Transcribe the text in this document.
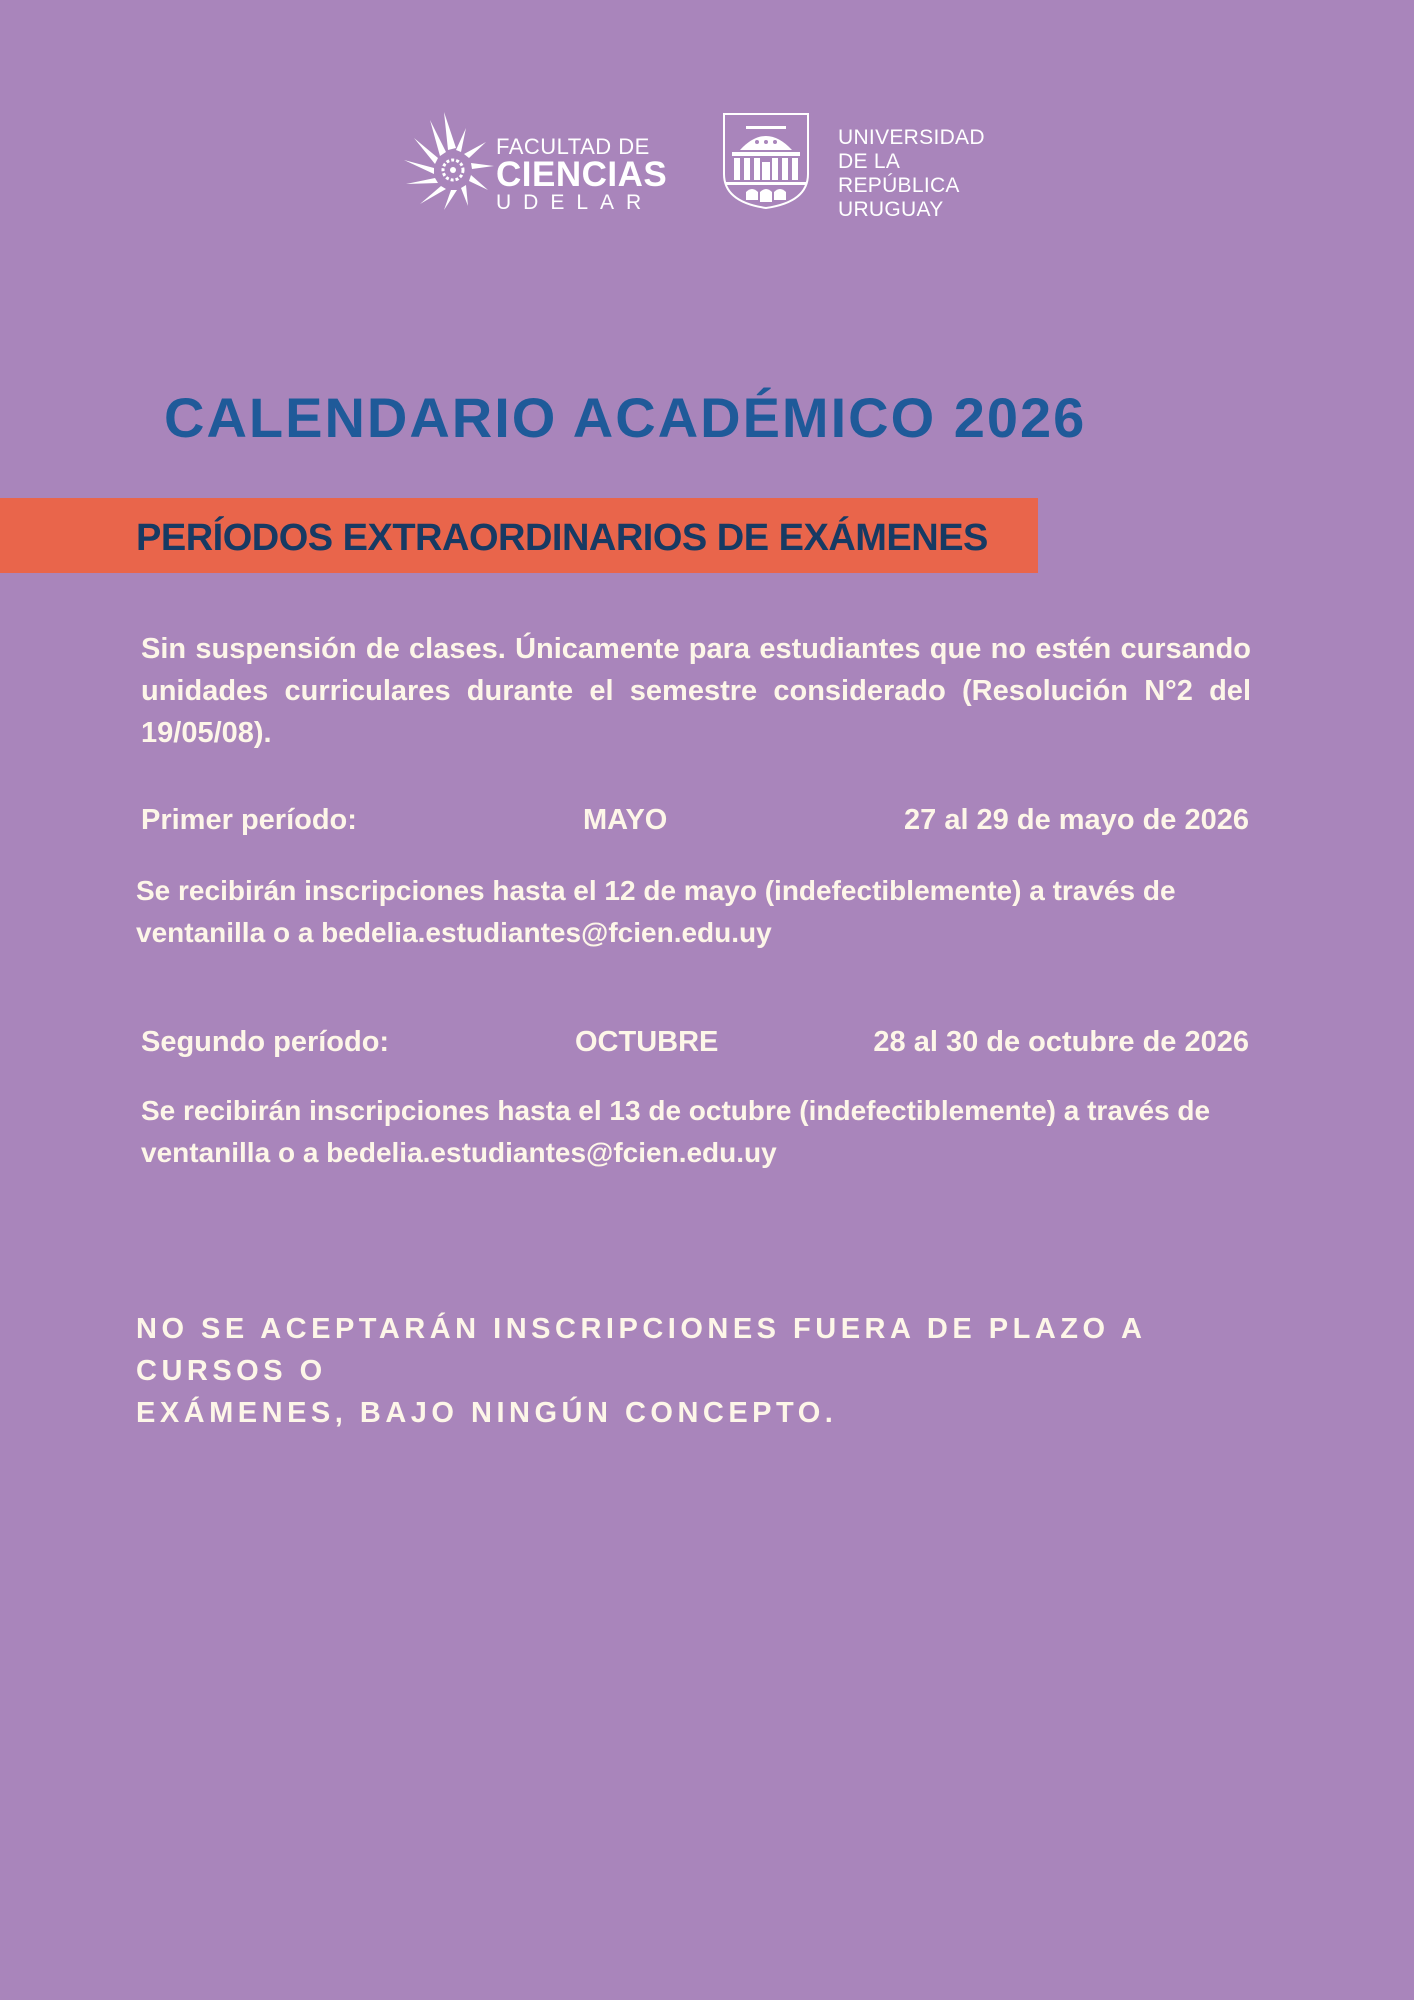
FACULTAD DE
CIENCIAS
UDELAR
UNIVERSIDAD
DE LA REPÚBLICA
URUGUAY
CALENDARIO ACADÉMICO 2026
PERÍODOS EXTRAORDINARIOS DE EXÁMENES

Sin suspensión de clases. Únicamente para estudiantes que no estén cursando unidades curriculares durante el semestre considerado (Resolución N°2 del 19/05/08).

Primer período:	MAYO	27 al 29 de mayo de 2026
Se recibirán inscripciones hasta el 12 de mayo (indefectiblemente) a través de
ventanilla o a bedelia.estudiantes@fcien.edu.uy
Segundo período:	OCTUBRE	28 al 30 de octubre de 2026
Se recibirán inscripciones hasta el 13 de octubre (indefectiblemente) a través de
ventanilla o a bedelia.estudiantes@fcien.edu.uy
NO SE ACEPTARÁN INSCRIPCIONES FUERA DE PLAZO A CURSOS O
EXÁMENES, BAJO NINGÚN CONCEPTO.
